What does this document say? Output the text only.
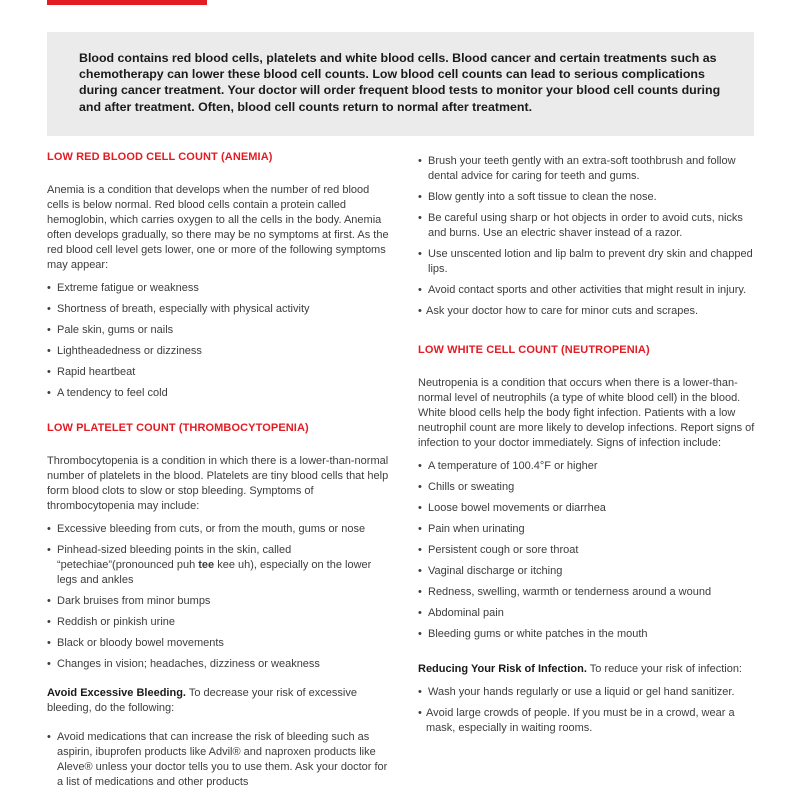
Blood contains red blood cells, platelets and white blood cells. Blood cancer and certain treatments such as chemotherapy can lower these blood cell counts. Low blood cell counts can lead to serious complications during cancer treatment. Your doctor will order frequent blood tests to monitor your blood cell counts during and after treatment. Often, blood cell counts return to normal after treatment.
LOW RED BLOOD CELL COUNT (ANEMIA)

Anemia is a condition that develops when the number of red blood cells is below normal. Red blood cells contain a protein called hemoglobin, which carries oxygen to all the cells in the body. Anemia often develops gradually, so there may be no symptoms at first. As the red blood cell level gets lower, one or more of the following symptoms may appear:

• Extreme fatigue or weakness
• Shortness of breath, especially with physical activity
• Pale skin, gums or nails
• Lightheadedness or dizziness
• Rapid heartbeat
• A tendency to feel cold
LOW PLATELET COUNT (THROMBOCYTOPENIA)

Thrombocytopenia is a condition in which there is a lower-than-normal number of platelets in the blood. Platelets are tiny blood cells that help form blood clots to slow or stop bleeding. Symptoms of thrombocytopenia may include:

• Excessive bleeding from cuts, or from the mouth, gums or nose
• Pinhead-sized bleeding points in the skin, called “petechiae”(pronounced puh tee kee uh), especially on the lower legs and ankles
• Dark bruises from minor bumps
• Reddish or pinkish urine
• Black or bloody bowel movements
• Changes in vision; headaches, dizziness or weakness

Avoid Excessive Bleeding. To decrease your risk of excessive bleeding, do the following:

• Avoid medications that can increase the risk of bleeding such as aspirin, ibuprofen products like Advil® and naproxen products like Aleve® unless your doctor tells you to use them. Ask your doctor for a list of medications and other products
• Brush your teeth gently with an extra-soft toothbrush and follow dental advice for caring for teeth and gums.
• Blow gently into a soft tissue to clean the nose.
• Be careful using sharp or hot objects in order to avoid cuts, nicks and burns. Use an electric shaver instead of a razor.
• Use unscented lotion and lip balm to prevent dry skin and chapped lips.
• Avoid contact sports and other activities that might result in injury.
• Ask your doctor how to care for minor cuts and scrapes.
LOW WHITE CELL COUNT (NEUTROPENIA)

Neutropenia is a condition that occurs when there is a lower-than-normal level of neutrophils (a type of white blood cell) in the blood. White blood cells help the body fight infection. Patients with a low neutrophil count are more likely to develop infections. Report signs of infection to your doctor immediately. Signs of infection include:

• A temperature of 100.4°F or higher
• Chills or sweating
• Loose bowel movements or diarrhea
• Pain when urinating
• Persistent cough or sore throat
• Vaginal discharge or itching
• Redness, swelling, warmth or tenderness around a wound
• Abdominal pain
• Bleeding gums or white patches in the mouth

Reducing Your Risk of Infection. To reduce your risk of infection:

• Wash your hands regularly or use a liquid or gel hand sanitizer.
• Avoid large crowds of people. If you must be in a crowd, wear a mask, especially in waiting rooms.
